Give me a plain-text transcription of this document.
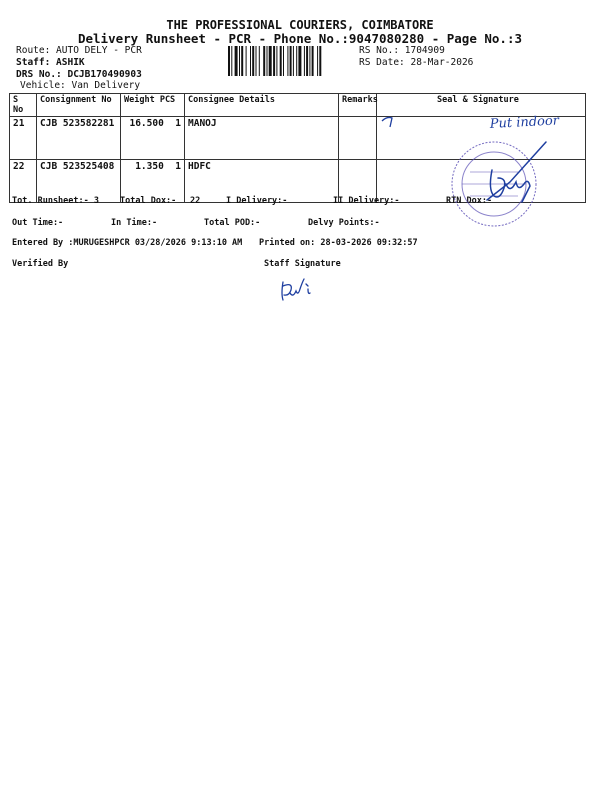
THE PROFESSIONAL COURIERS, COIMBATORE
Delivery Runsheet - PCR - Phone No.:9047080280 - Page No.:3
Route: AUTO DELY - PCR
Staff: ASHIK
DRS No.: DCJB170490903
Vehicle: Van Delivery
RS No.: 1704909
RS Date: 28-Mar-2026
S No	Consignment No	Weight PCS	Consignee Details	Remarks	Seal & Signature
21	CJB 523582281	16.500 1	MANOJ		
22	CJB 523525408	1.350 1	HDFC		
Tot. Runsheet:- 3 Total Dox:- 22	I Delivery:-	II Delivery:-	RTN Dox:-
Out Time:-	In Time:-	Total POD:-	Delvy Points:-
Entered By :MURUGESHPCR 03/28/2026 9:13:10 AM Printed on: 28-03-2026 09:32:57
Verified By	Staff Signature
Put indoor
